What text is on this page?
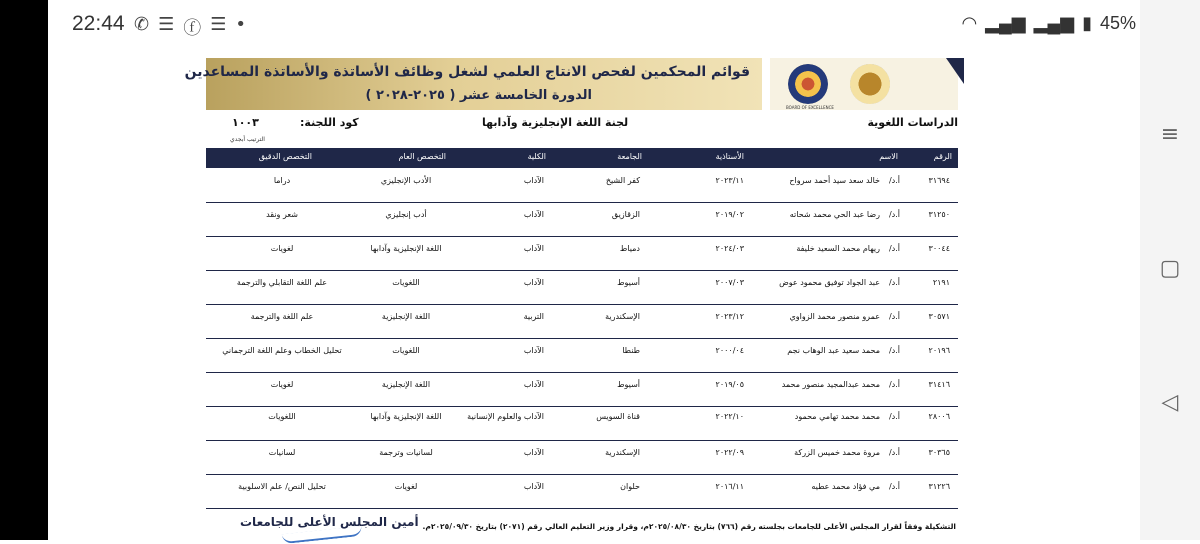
22:44 ✆ ☰ ⓕ ☰ •	◠ ▂▄▆ ▂▄▆ ▮ 45%
≡
▢
◁
قوائم المحكمين لفحص الانتاج العلمي لشغل وظائف الأساتذة والأساتذة المساعدين
الدورة الخامسة عشر ( ٢٠٢٥-٢٠٢٨ )
BOARD OF EXCELLENCE
الدراسات اللغوية
لجنة اللغة الإنجليزية وآدابها
كود اللجنة:
١٠٠٣
الترتيب أبجدي
الرقم
الاسم
الأستاذية
الجامعة
الكلية
التخصص العام
التخصص الدقيق
٣١٦٩٤
أ.د/
خالد سعد سيد أحمد سرواح
٢٠٢٣/١١
كفر الشيخ
الآداب
الأدب الإنجليزي
دراما
٣١٢٥٠
أ.د/
رضا عبد الحي محمد شحاته
٢٠١٩/٠٢
الزقازيق
الآداب
أدب إنجليزي
شعر ونقد
٣٠٠٤٤
أ.د/
ريهام محمد السعيد خليفة
٢٠٢٤/٠٣
دمياط
الآداب
اللغة الإنجليزية وآدابها
لغويات
٢١٩١
أ.د/
عبد الجواد توفيق محمود عوض
٢٠٠٧/٠٣
أسيوط
الآداب
اللغويات
علم اللغة التقابلي والترجمة
٣٠٥٧١
أ.د/
عمرو منصور محمد الزواوي
٢٠٢٣/١٢
الإسكندرية
التربية
اللغة الإنجليزية
علم اللغة والترجمة
٢٠١٩٦
أ.د/
محمد سعيد عبد الوهاب نجم
٢٠٠٠/٠٤
طنطا
الآداب
اللغويات
تحليل الخطاب وعلم اللغة الترجماني
٣١٤١٦
أ.د/
محمد عبدالمجيد منصور محمد
٢٠١٩/٠٥
أسيوط
الآداب
اللغة الإنجليزية
لغويات
٢٨٠٠٦
أ.د/
محمد محمد تهامي محمود
٢٠٢٢/١٠
قناة السويس
الآداب والعلوم الإنسانية
اللغة الإنجليزية وآدابها
اللغويات
٣٠٣٦٥
أ.د/
مروة محمد خميس الزركة
٢٠٢٢/٠٩
الإسكندرية
الآداب
لسانيات وترجمة
لسانيات
٣١٢٢٦
أ.د/
مي فؤاد محمد عطيه
٢٠١٦/١١
حلوان
الآداب
لغويات
تحليل النص/ علم الاسلوبية
التشكيلة وفقاً لقرار المجلس الأعلى للجامعات بجلسته رقم (٧٦٦) بتاريخ ٢٠٢٥/٠٨/٣٠م، وقرار وزير التعليم العالي رقم (٢٠٧١) بتاريخ ٢٠٢٥/٠٩/٣٠م.
أمين المجلس الأعلى للجامعات
